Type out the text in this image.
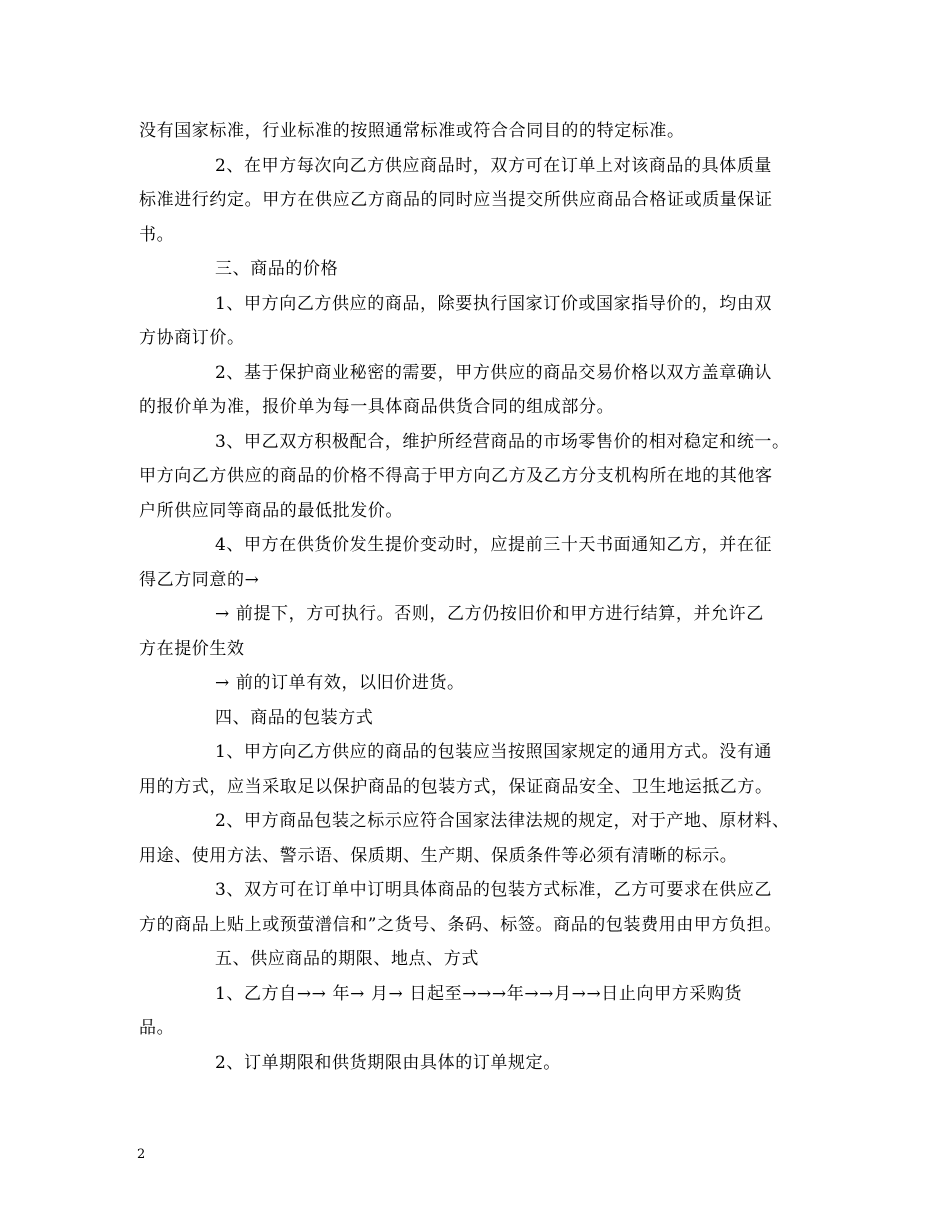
没有国家标准，行业标准的按照通常标准或符合合同目的的特定标准。
2、在甲方每次向乙方供应商品时，双方可在订单上对该商品的具体质量
标准进行约定。甲方在供应乙方商品的同时应当提交所供应商品合格证或质量保证
书。
三、商品的价格
1、甲方向乙方供应的商品，除要执行国家订价或国家指导价的，均由双
方协商订价。
2、基于保护商业秘密的需要，甲方供应的商品交易价格以双方盖章确认
的报价单为准，报价单为每一具体商品供货合同的组成部分。
3、甲乙双方积极配合，维护所经营商品的市场零售价的相对稳定和统一。
甲方向乙方供应的商品的价格不得高于甲方向乙方及乙方分支机构所在地的其他客
户所供应同等商品的最低批发价。
4、甲方在供货价发生提价变动时，应提前三十天书面通知乙方，并在征
得乙方同意的→
→ 前提下，方可执行。否则，乙方仍按旧价和甲方进行结算，并允许乙
方在提价生效
→ 前的订单有效，以旧价进货。
四、商品的包装方式
1、甲方向乙方供应的商品的包装应当按照国家规定的通用方式。没有通
用的方式，应当采取足以保护商品的包装方式，保证商品安全、卫生地运抵乙方。
2、甲方商品包装之标示应符合国家法律法规的规定，对于产地、原材料、
用途、使用方法、警示语、保质期、生产期、保质条件等必须有清晰的标示。
3、双方可在订单中订明具体商品的包装方式标准，乙方可要求在供应乙
方的商品上贴上或预萤潽信和”之货号、条码、标签。商品的包装费用由甲方负担。
五、供应商品的期限、地点、方式
1、乙方自→→ 年→ 月→ 日起至→→→年→→月→→日止向甲方采购货
品。
2、订单期限和供货期限由具体的订单规定。
2
